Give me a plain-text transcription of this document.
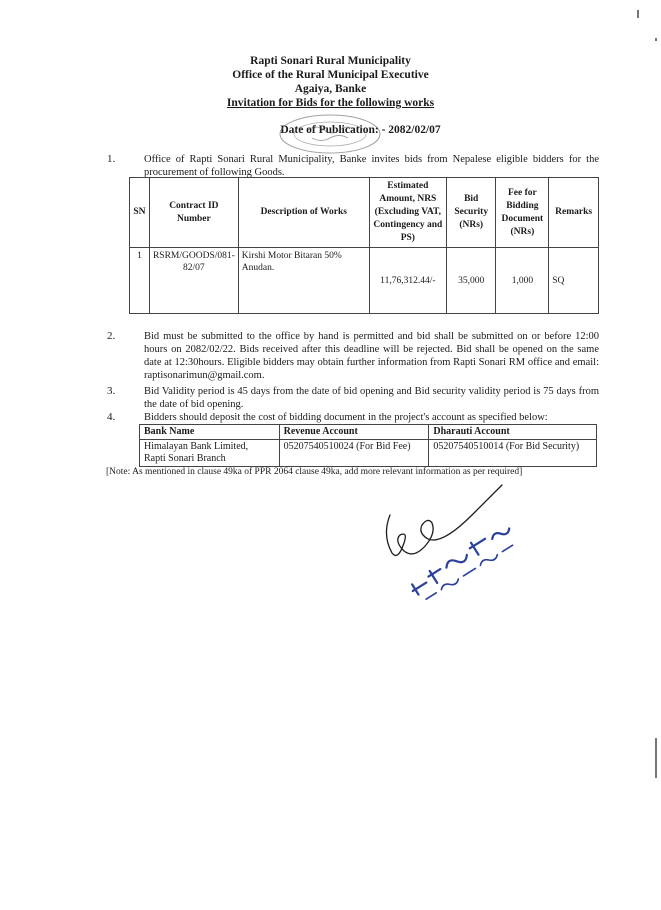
Rapti Sonari Rural Municipality
Office of the Rural Municipal Executive
Agaiya, Banke
Invitation for Bids for the following works
Date of Publication: - 2082/02/07
1.	Office of Rapti Sonari Rural Municipality, Banke invites bids from Nepalese eligible bidders for the procurement of following Goods.
SN	Contract ID Number	Description of Works	Estimated Amount, NRS (Excluding VAT, Contingency and PS)	Bid Security (NRs)	Fee for Bidding Document (NRs)	Remarks
1	RSRM/GOODS/081-82/07	Kirshi Motor Bitaran 50% Anudan.	11,76,312.44/-	35,000	1,000	SQ
2.	Bid must be submitted to the office by hand is permitted and bid shall be submitted on or before 12:00 hours on 2082/02/22. Bids received after this deadline will be rejected. Bid shall be opened on the same date at 12:30hours. Eligible bidders may obtain further information from Rapti Sonari RM office and email: raptisonarimun@gmail.com.
3.	Bid Validity period is 45 days from the date of bid opening and Bid security validity period is 75 days from the date of bid opening.
4.	Bidders should deposit the cost of bidding document in the project's account as specified below:
Bank Name	Revenue Account	Dharauti Account

Himalayan Bank Limited,
Rapti Sonari Branch	05207540510024 (For Bid Fee)	05207540510014 (For Bid Security)
[Note: As mentioned in clause 49ka of PPR 2064 clause 49ka, add more relevant information as per required]
